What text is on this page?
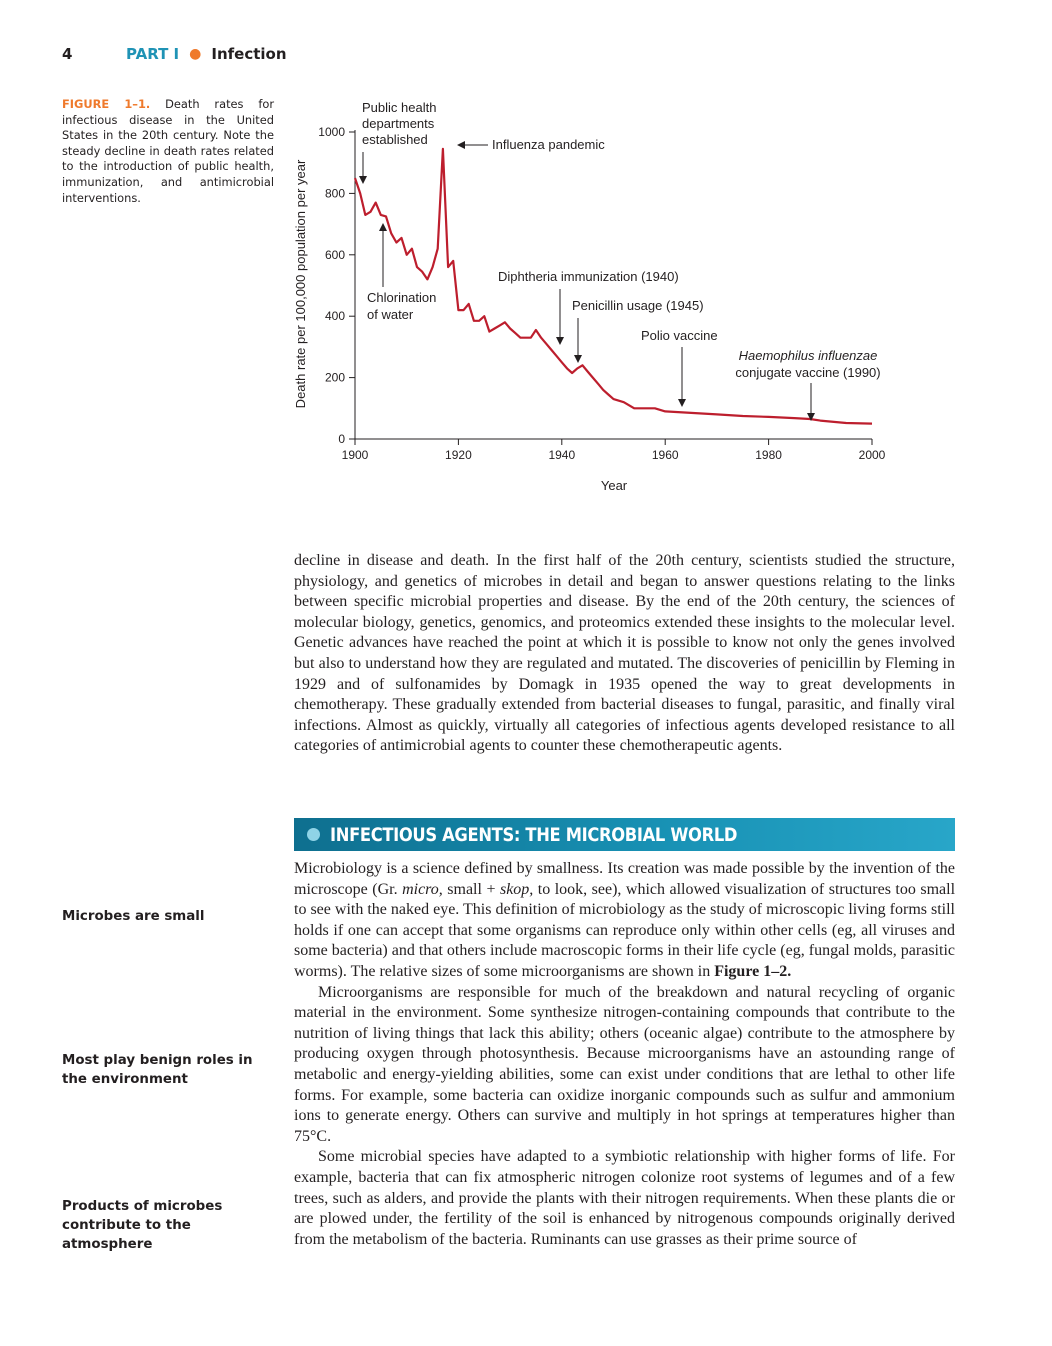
4	PART I ● Infection
FIGURE 1–1. Death rates for infectious disease in the United States in the 20th century. Note the steady decline in death rates related to the introduction of public health, immunization, and antimicrobial interventions.
0
200
400
600
800
1000
1900	1920	1940	1960	1980	2000
Public health
departments
established	Influenza pandemic
Chlorination
of water
Diphtheria immunization (1940)
Penicillin usage (1945)
Polio vaccine
Haemophilus influenzae
conjugate vaccine (1990)
Death rate per 100,000 population per year
Year

decline in disease and death. In the first half of the 20th century, scientists studied the structure, physiology, and genetics of microbes in detail and began to answer questions relating to the links between specific microbial properties and disease. By the end of the 20th century, the sciences of molecular biology, genetics, genomics, and proteomics extended these insights to the molecular level. Genetic advances have reached the point at which it is possible to know not only the genes involved but also to understand how they are regulated and mutated. The discoveries of penicillin by Fleming in 1929 and of sulfonamides by Domagk in 1935 opened the way to great developments in chemotherapy. These gradually extended from bacterial diseases to fungal, parasitic, and finally viral infections. Almost as quickly, virtually all categories of infectious agents developed resistance to all categories of antimicrobial agents to counter these chemotherapeutic agents.

INFECTIOUS AGENTS: THE MICROBIAL WORLD

Microbiology is a science defined by smallness. Its creation was made possible by the invention of the microscope (Gr. micro, small + skop, to look, see), which allowed visualization of structures too small to see with the naked eye. This definition of microbiology as the study of microscopic living forms still holds if one can accept that some organisms can reproduce only within other cells (eg, all viruses and some bacteria) and that others include macroscopic forms in their life cycle (eg, fungal molds, parasitic worms). The relative sizes of some microorganisms are shown in Figure 1–2.

Microorganisms are responsible for much of the breakdown and natural recycling of organic material in the environment. Some synthesize nitrogen-containing compounds that contribute to the nutrition of living things that lack this ability; others (oceanic algae) contribute to the atmosphere by producing oxygen through photosynthesis. Because microorganisms have an astounding range of metabolic and energy-yielding abilities, some can exist under conditions that are lethal to other life forms. For example, some bacteria can oxidize inorganic compounds such as sulfur and ammonium ions to generate energy. Others can survive and multiply in hot springs at temperatures higher than 75°C.

Some microbial species have adapted to a symbiotic relationship with higher forms of life. For example, bacteria that can fix atmospheric nitrogen colonize root systems of legumes and of a few trees, such as alders, and provide the plants with their nitrogen requirements. When these plants die or are plowed under, the fertility of the soil is enhanced by nitrogenous compounds originally derived from the metabolism of the bacteria. Ruminants can use grasses as their prime source of

Microbes are small
Most play benign roles in the environment
Products of microbes contribute to the atmosphere
